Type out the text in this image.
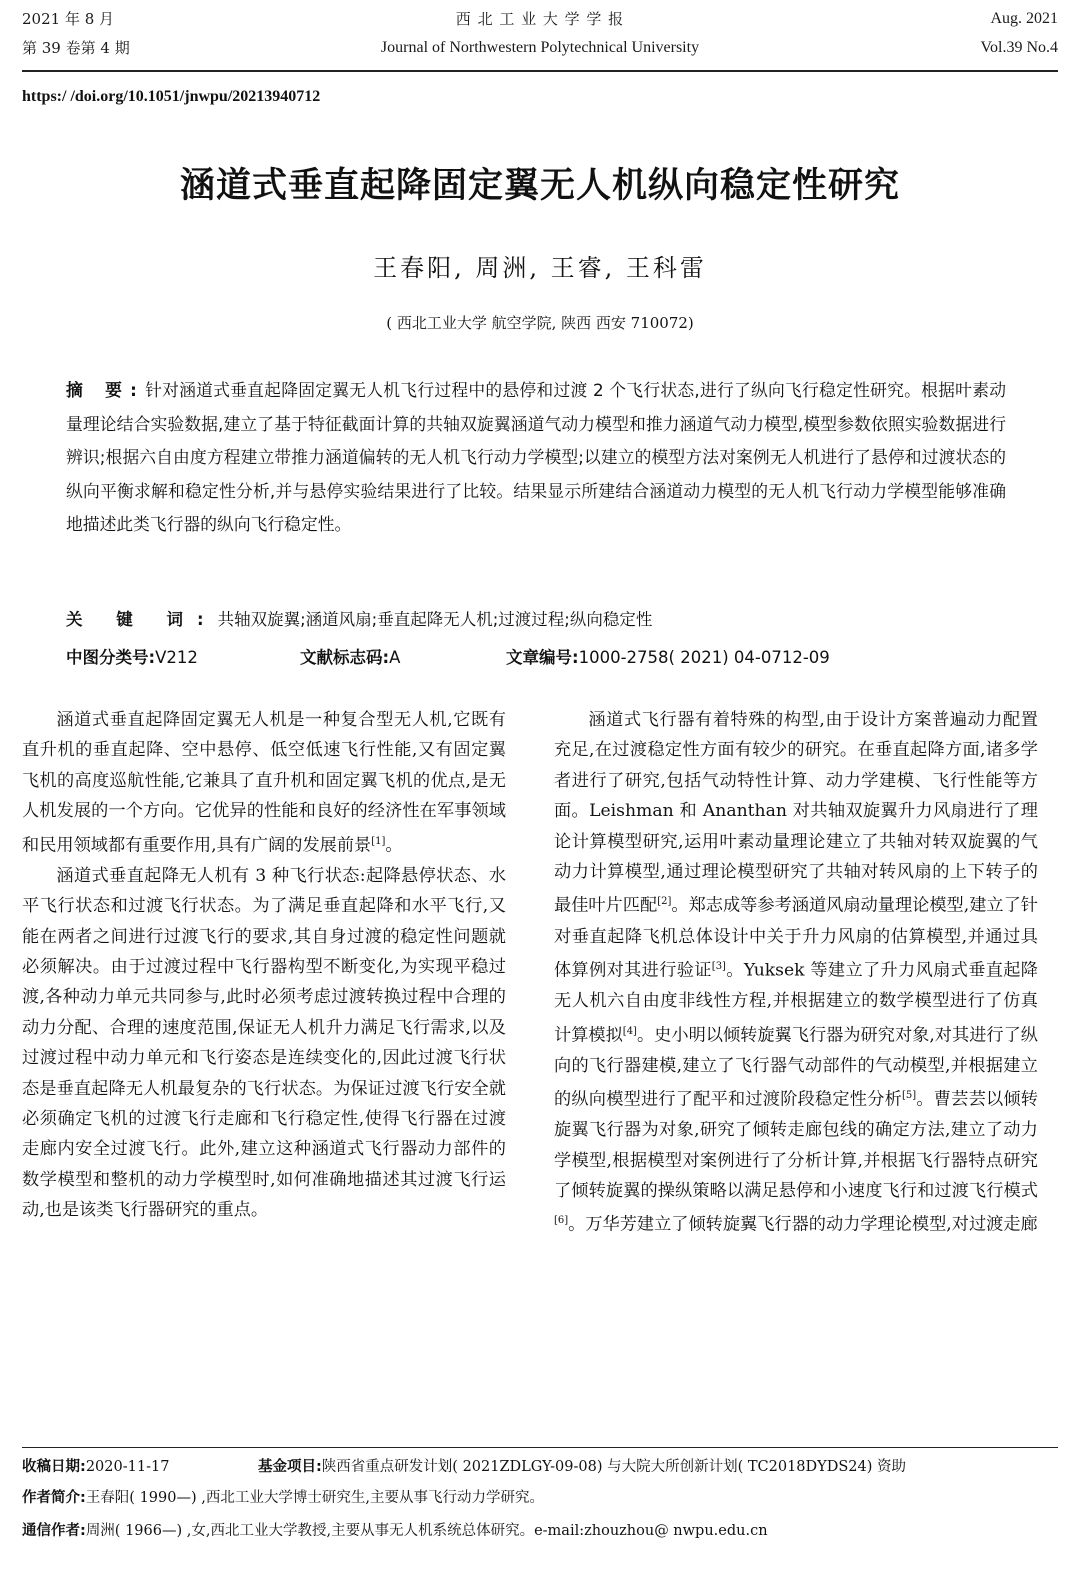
2021 年 8 月
第 39 卷第 4 期
西 北 工 业 大 学 学 报
Journal of Northwestern Polytechnical University
Aug. 2021
Vol.39 No.4
https:/ /doi.org/10.1051/jnwpu/20213940712
涵道式垂直起降固定翼无人机纵向稳定性研究
王春阳, 周洲, 王睿, 王科雷
( 西北工业大学 航空学院, 陕西 西安 710072)
摘 要:针对涵道式垂直起降固定翼无人机飞行过程中的悬停和过渡 2 个飞行状态,进行了纵向飞行稳定性研究。根据叶素动量理论结合实验数据,建立了基于特征截面计算的共轴双旋翼涵道气动力模型和推力涵道气动力模型,模型参数依照实验数据进行辨识;根据六自由度方程建立带推力涵道偏转的无人机飞行动力学模型;以建立的模型方法对案例无人机进行了悬停和过渡状态的纵向平衡求解和稳定性分析,并与悬停实验结果进行了比较。结果显示所建结合涵道动力模型的无人机飞行动力学模型能够准确地描述此类飞行器的纵向飞行稳定性。
关 键 词:共轴双旋翼;涵道风扇;垂直起降无人机;过渡过程;纵向稳定性
中图分类号:V212	文献标志码:A	文章编号:1000-2758( 2021) 04-0712-09

涵道式垂直起降固定翼无人机是一种复合型无人机,它既有直升机的垂直起降、空中悬停、低空低速飞行性能,又有固定翼飞机的高度巡航性能,它兼具了直升机和固定翼飞机的优点,是无人机发展的一个方向。它优异的性能和良好的经济性在军事领域和民用领域都有重要作用,具有广阔的发展前景[1]。

涵道式垂直起降无人机有 3 种飞行状态:起降悬停状态、水平飞行状态和过渡飞行状态。为了满足垂直起降和水平飞行,又能在两者之间进行过渡飞行的要求,其自身过渡的稳定性问题就必须解决。由于过渡过程中飞行器构型不断变化,为实现平稳过渡,各种动力单元共同参与,此时必须考虑过渡转换过程中合理的动力分配、合理的速度范围,保证无人机升力满足飞行需求,以及过渡过程中动力单元和飞行姿态是连续变化的,因此过渡飞行状态是垂直起降无人机最复杂的飞行状态。为保证过渡飞行安全就必须确定飞机的过渡飞行走廊和飞行稳定性,使得飞行器在过渡走廊内安全过渡飞行。此外,建立这种涵道式飞行器动力部件的数学模型和整机的动力学模型时,如何准确地描述其过渡飞行运动,也是该类飞行器研究的重点。

涵道式飞行器有着特殊的构型,由于设计方案普遍动力配置充足,在过渡稳定性方面有较少的研究。在垂直起降方面,诸多学者进行了研究,包括气动特性计算、动力学建模、飞行性能等方面。Leishman 和 Ananthan 对共轴双旋翼升力风扇进行了理论计算模型研究,运用叶素动量理论建立了共轴对转双旋翼的气动力计算模型,通过理论模型研究了共轴对转风扇的上下转子的最佳叶片匹配[2]。郑志成等参考涵道风扇动量理论模型,建立了针对垂直起降飞机总体设计中关于升力风扇的估算模型,并通过具体算例对其进行验证[3]。Yuksek 等建立了升力风扇式垂直起降无人机六自由度非线性方程,并根据建立的数学模型进行了仿真计算模拟[4]。史小明以倾转旋翼飞行器为研究对象,对其进行了纵向的飞行器建模,建立了飞行器气动部件的气动模型,并根据建立的纵向模型进行了配平和过渡阶段稳定性分析[5]。曹芸芸以倾转旋翼飞行器为对象,研究了倾转走廊包线的确定方法,建立了动力学模型,根据模型对案例进行了分析计算,并根据飞行器特点研究了倾转旋翼的操纵策略以满足悬停和小速度飞行和过渡飞行模式[6]。万华芳建立了倾转旋翼飞行器的动力学理论模型,对过渡走廊

收稿日期:2020-11-17	基金项目:陕西省重点研发计划( 2021ZDLGY-09-08) 与大院大所创新计划( TC2018DYDS24) 资助
作者简介:王春阳( 1990—) ,西北工业大学博士研究生,主要从事飞行动力学研究。
通信作者:周洲( 1966—) ,女,西北工业大学教授,主要从事无人机系统总体研究。e-mail:zhouzhou@ nwpu.edu.cn
